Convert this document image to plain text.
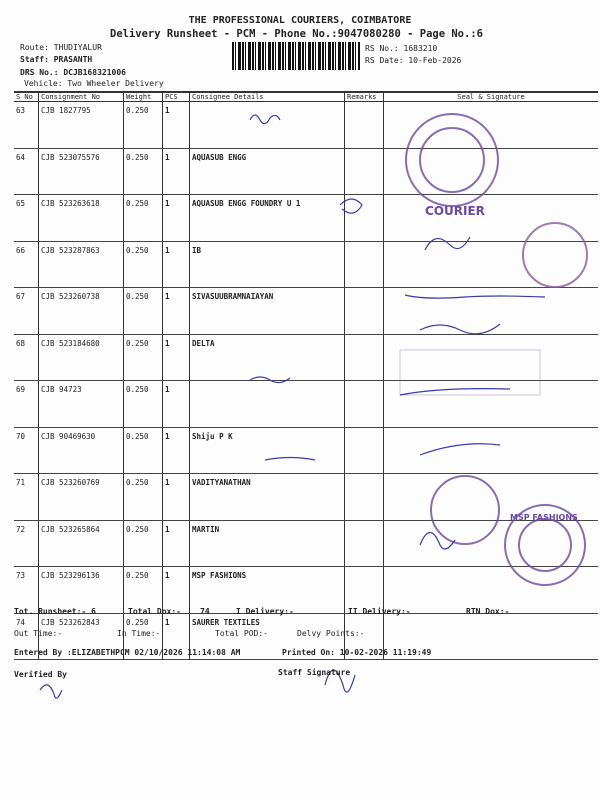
THE PROFESSIONAL COURIERS, COIMBATORE
Delivery Runsheet - PCM - Phone No.:9047080280 - Page No.:6
Route: THUDIYALUR
Staff: PRASANTH
DRS No.: DCJB168321006
Vehicle: Two Wheeler Delivery
RS No.: 1683210
RS Date: 10-Feb-2026
S No	Consignment No	Weight	PCS	Consignee Details	Remarks	Seal & Signature
63	CJB 1827795	0.250	1			
64	CJB 523075576	0.250	1	AQUASUB ENGG		
65	CJB 523263618	0.250	1	AQUASUB ENGG FOUNDRY U 1		
66	CJB 523287863	0.250	1	IB		
67	CJB 523260738	0.250	1	SIVASUUBRAMNAIAYAN		
68	CJB 523184680	0.250	1	DELTA		
69	CJB 94723	0.250	1			
70	CJB 90469630	0.250	1	Shiju P K		
71	CJB 523260769	0.250	1	VADITYANATHAN		
72	CJB 523265864	0.250	1	MARTIN		
73	CJB 523296136	0.250	1	MSP FASHIONS		
74	CJB 523262843	0.250	1	SAURER TEXTILES		
COURIER
MSP FASHIONS
Tot. Runsheet:- 6	Total Dox:- 74	I Delivery:-	II Delivery:-	RTN Dox:-
Out Time:-	In Time:-	Total POD:-	Delvy Points:-
Entered By :ELIZABETHPCM 02/10/2026 11:14:08 AM	Printed On: 10-02-2026 11:19:49
Verified By	Staff Signature
